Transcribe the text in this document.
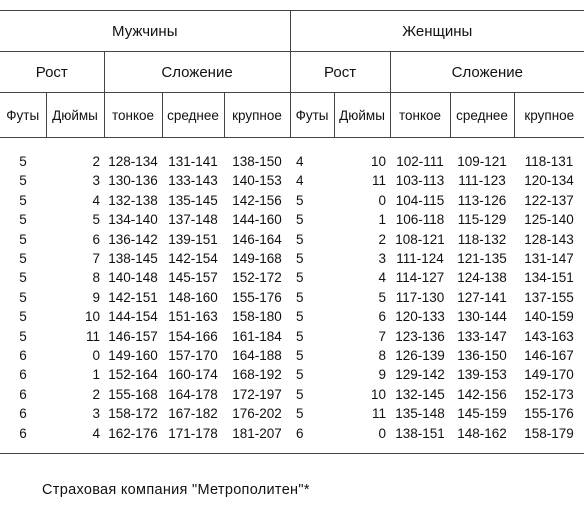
Мужчины					Женщины				
Рост		Сложение			Рост		Сложение		
Футы	Дюймы	тонкое	среднее	крупное	Футы	Дюймы	тонкое	среднее	крупное

5	2	128-134	131-141	138-150	4	10	102-111	109-121	118-131
5	3	130-136	133-143	140-153	4	11	103-113	111-123	120-134
5	4	132-138	135-145	142-156	5	0	104-115	113-126	122-137
5	5	134-140	137-148	144-160	5	1	106-118	115-129	125-140
5	6	136-142	139-151	146-164	5	2	108-121	118-132	128-143
5	7	138-145	142-154	149-168	5	3	111-124	121-135	131-147
5	8	140-148	145-157	152-172	5	4	114-127	124-138	134-151
5	9	142-151	148-160	155-176	5	5	117-130	127-141	137-155
5	10	144-154	151-163	158-180	5	6	120-133	130-144	140-159
5	11	146-157	154-166	161-184	5	7	123-136	133-147	143-163
6	0	149-160	157-170	164-188	5	8	126-139	136-150	146-167
6	1	152-164	160-174	168-192	5	9	129-142	139-153	149-170
6	2	155-168	164-178	172-197	5	10	132-145	142-156	152-173
6	3	158-172	167-182	176-202	5	11	135-148	145-159	155-176
6	4	162-176	171-178	181-207	6	0	138-151	148-162	158-179

Страховая компания "Метрополитен"*
